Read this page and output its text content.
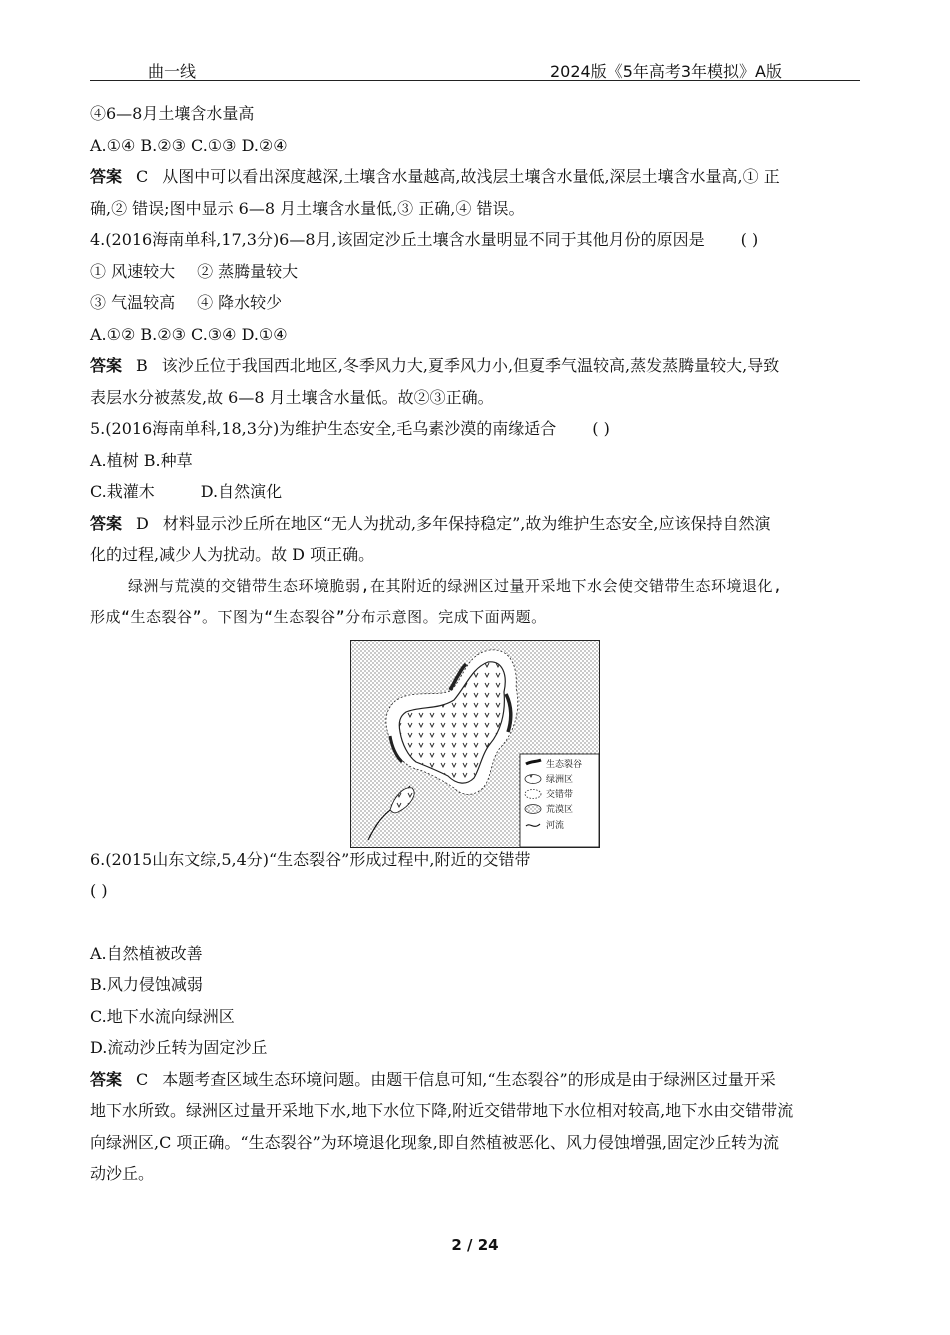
曲一线	2024版《5年高考3年模拟》A版
④6—8月土壤含水量高
A.①④ B.②③ C.①③ D.②④
答案 C 从图中可以看出深度越深,土壤含水量越高,故浅层土壤含水量低,深层土壤含水量高,① 正
确,② 错误;图中显示 6—8 月土壤含水量低,③ 正确,④ 错误。
4.(2016海南单科,17,3分)6—8月,该固定沙丘土壤含水量明显不同于其他月份的原因是 ( )
① 风速较大 ② 蒸腾量较大
③ 气温较高 ④ 降水较少
A.①② B.②③ C.③④ D.①④
答案 B 该沙丘位于我国西北地区,冬季风力大,夏季风力小,但夏季气温较高,蒸发蒸腾量较大,导致
表层水分被蒸发,故 6—8 月土壤含水量低。故②③正确。
5.(2016海南单科,18,3分)为维护生态安全,毛乌素沙漠的南缘适合 ( )
A.植树 B.种草
C.栽灌木	D.自然演化
答案 D 材料显示沙丘所在地区“无人为扰动,多年保持稳定”,故为维护生态安全,应该保持自然演
化的过程,减少人为扰动。故 D 项正确。
绿洲与荒漠的交错带生态环境脆弱,在其附近的绿洲区过量开采地下水会使交错带生态环境退化,
形成“生态裂谷”。下图为“生态裂谷”分布示意图。完成下面两题。
6.(2015山东文综,5,4分)“生态裂谷”形成过程中,附近的交错带
( )
A.自然植被改善
B.风力侵蚀减弱
C.地下水流向绿洲区
D.流动沙丘转为固定沙丘
答案 C 本题考查区域生态环境问题。由题干信息可知,“生态裂谷”的形成是由于绿洲区过量开采
地下水所致。绿洲区过量开采地下水,地下水位下降,附近交错带地下水位相对较高,地下水由交错带流
向绿洲区,C 项正确。“生态裂谷”为环境退化现象,即自然植被恶化、风力侵蚀增强,固定沙丘转为流
动沙丘。
生态裂谷
绿洲区
交错带
荒漠区
河流
2 / 24
